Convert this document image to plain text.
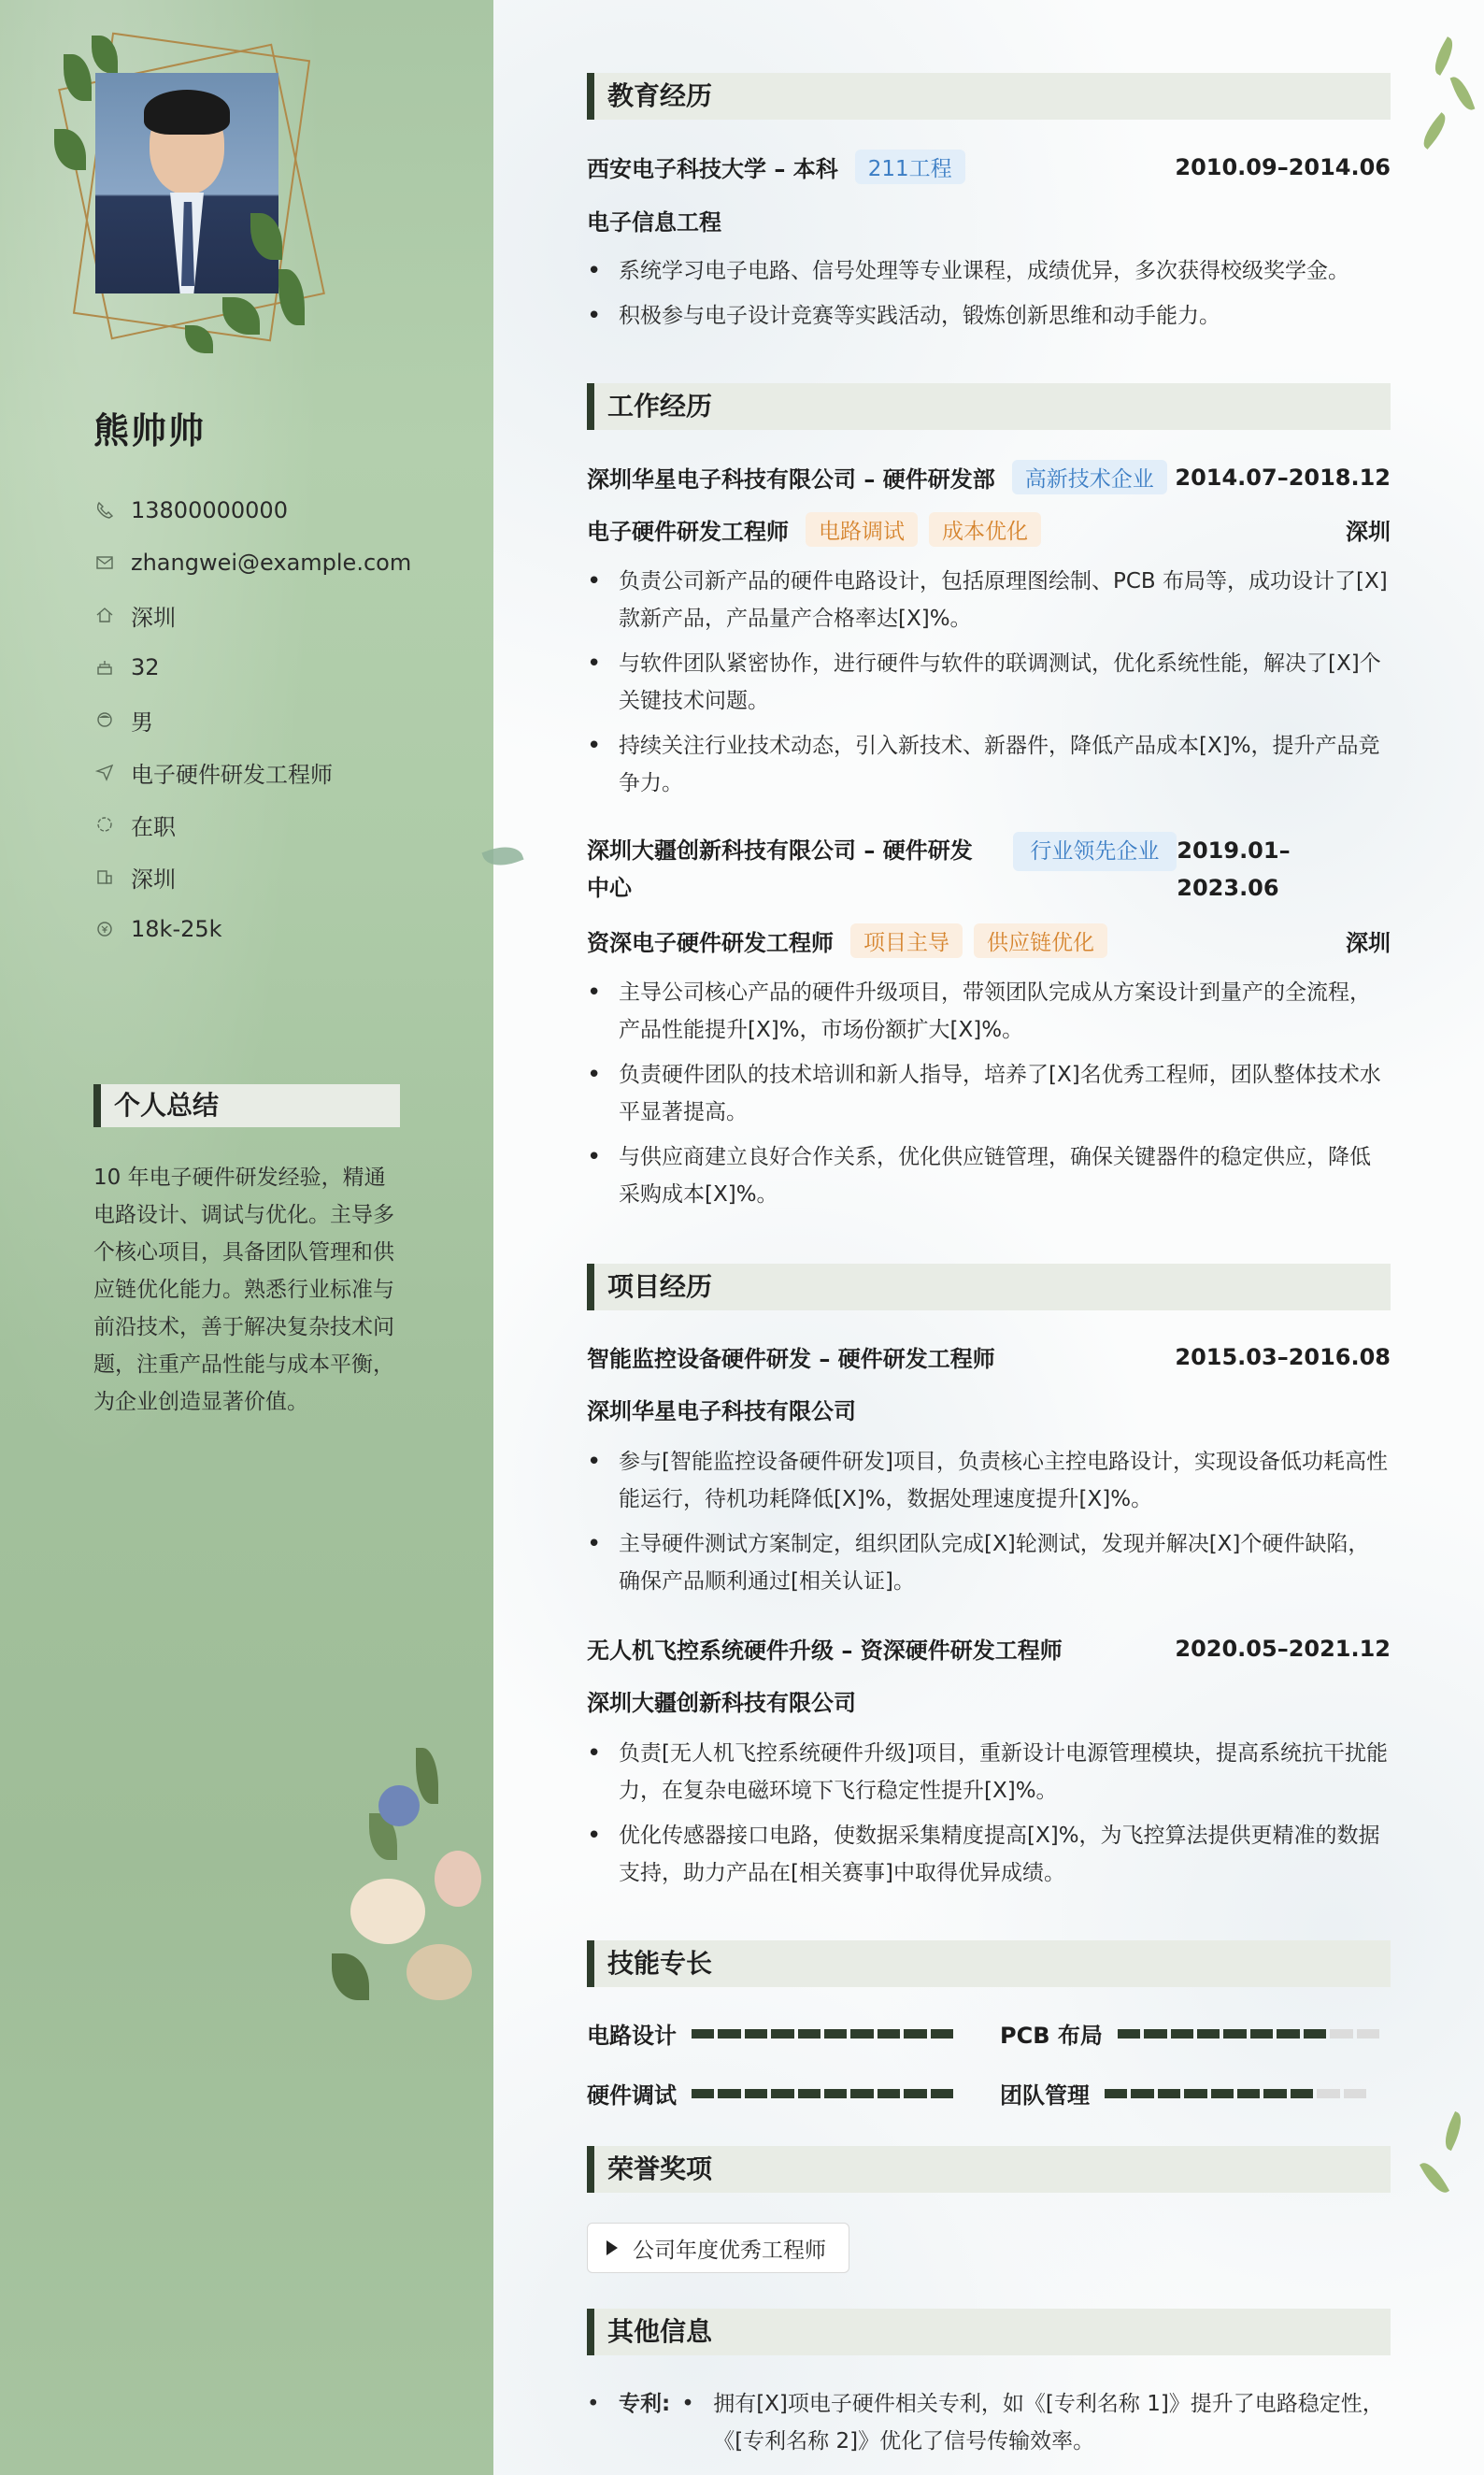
熊帅帅
13800000000
zhangwei@example.com
深圳
32
男
电子硬件研发工程师
在职
深圳
18k-25k
个人总结
10 年电子硬件研发经验，精通电路设计、调试与优化。主导多个核心项目，具备团队管理和供应链优化能力。熟悉行业标准与前沿技术，善于解决复杂技术问题，注重产品性能与成本平衡，为企业创造显著价值。
教育经历
西安电子科技大学 – 本科	211工程	2010.09–2014.06
电子信息工程
• 系统学习电子电路、信号处理等专业课程，成绩优异，多次获得校级奖学金。
• 积极参与电子设计竞赛等实践活动，锻炼创新思维和动手能力。
工作经历
深圳华星电子科技有限公司 – 硬件研发部	高新技术企业 2014.07–2018.12
电子硬件研发工程师	电路调试	成本优化	深圳
• 负责公司新产品的硬件电路设计，包括原理图绘制、PCB 布局等，成功设计了[X]款新产品，产品量产合格率达[X]%。
• 与软件团队紧密协作，进行硬件与软件的联调测试，优化系统性能，解决了[X]个关键技术问题。
• 持续关注行业技术动态，引入新技术、新器件，降低产品成本[X]%，提升产品竞争力。
深圳大疆创新科技有限公司 – 硬件研发中心
行业领先企业 2019.01–2023.06
资深电子硬件研发工程师	项目主导	供应链优化	深圳
• 主导公司核心产品的硬件升级项目，带领团队完成从方案设计到量产的全流程，产品性能提升[X]%，市场份额扩大[X]%。
• 负责硬件团队的技术培训和新人指导，培养了[X]名优秀工程师，团队整体技术水平显著提高。
• 与供应商建立良好合作关系，优化供应链管理，确保关键器件的稳定供应，降低采购成本[X]%。
项目经历
智能监控设备硬件研发 – 硬件研发工程师	2015.03–2016.08
深圳华星电子科技有限公司
• 参与[智能监控设备硬件研发]项目，负责核心主控电路设计，实现设备低功耗高性能运行，待机功耗降低[X]%，数据处理速度提升[X]%。
• 主导硬件测试方案制定，组织团队完成[X]轮测试，发现并解决[X]个硬件缺陷，确保产品顺利通过[相关认证]。
无人机飞控系统硬件升级 – 资深硬件研发工程师	2020.05–2021.12
深圳大疆创新科技有限公司
• 负责[无人机飞控系统硬件升级]项目，重新设计电源管理模块，提高系统抗干扰能力，在复杂电磁环境下飞行稳定性提升[X]%。
• 优化传感器接口电路，使数据采集精度提高[X]%，为飞控算法提供更精准的数据支持，助力产品在[相关赛事]中取得优异成绩。
技能专长
电路设计	PCB 布局
硬件调试	团队管理
荣誉奖项
公司年度优秀工程师
其他信息
• 专利: • 拥有[X]项电子硬件相关专利，如《[专利名称 1]》提升了电路稳定性，《[专利名称 2]》优化了信号传输效率。
